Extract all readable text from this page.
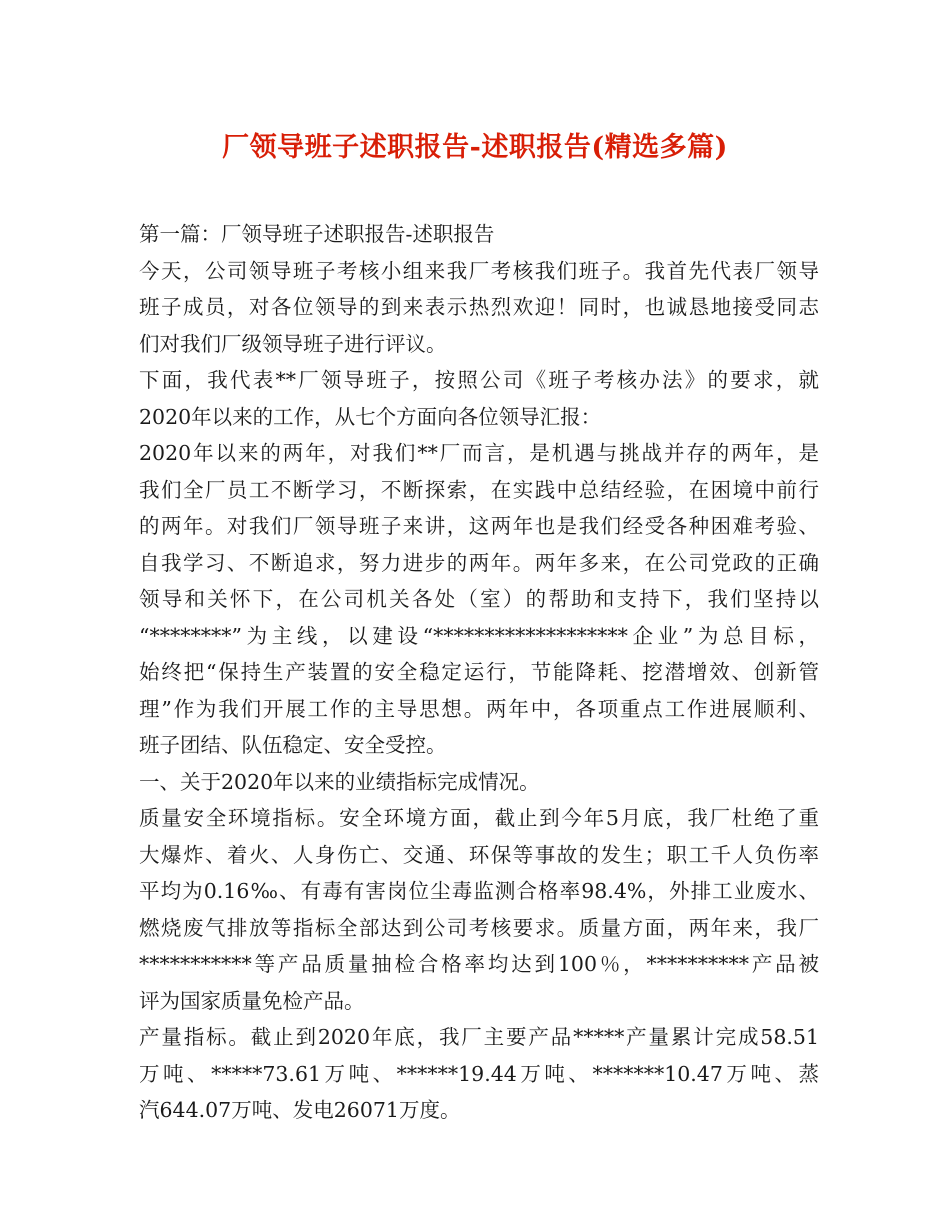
厂领导班子述职报告-述职报告(精选多篇)

第一篇：厂领导班子述职报告-述职报告

今天，公司领导班子考核小组来我厂考核我们班子。我首先代表厂领导

班子成员，对各位领导的到来表示热烈欢迎！同时，也诚恳地接受同志

们对我们厂级领导班子进行评议。

下面，我代表**厂领导班子，按照公司《班子考核办法》的要求，就

2020年以来的工作，从七个方面向各位领导汇报：

2020年以来的两年，对我们**厂而言，是机遇与挑战并存的两年，是

我们全厂员工不断学习，不断探索，在实践中总结经验，在困境中前行

的两年。对我们厂领导班子来讲，这两年也是我们经受各种困难考验、

自我学习、不断追求，努力进步的两年。两年多来，在公司党政的正确

领导和关怀下，在公司机关各处（室）的帮助和支持下，我们坚持以

“********”为主线，以建设“*******************企业”为总目标，

始终把“保持生产装置的安全稳定运行，节能降耗、挖潜增效、创新管

理”作为我们开展工作的主导思想。两年中，各项重点工作进展顺利、

班子团结、队伍稳定、安全受控。

一、关于2020年以来的业绩指标完成情况。

质量安全环境指标。安全环境方面，截止到今年5月底，我厂杜绝了重

大爆炸、着火、人身伤亡、交通、环保等事故的发生；职工千人负伤率

平均为0.16‰、有毒有害岗位尘毒监测合格率98.4%，外排工业废水、

燃烧废气排放等指标全部达到公司考核要求。质量方面，两年来，我厂

***********等产品质量抽检合格率均达到100％，**********产品被

评为国家质量免检产品。

产量指标。截止到2020年底，我厂主要产品*****产量累计完成58.51

万吨、*****73.61万吨、******19.44万吨、*******10.47万吨、蒸

汽644.07万吨、发电26071万度。
